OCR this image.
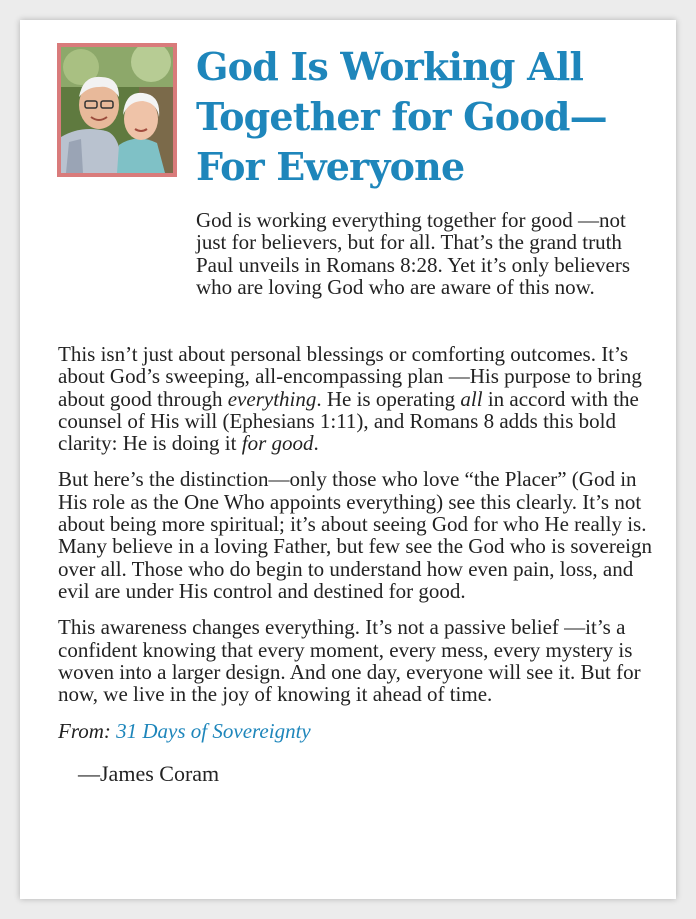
God Is Working All Together for Good—For Everyone

God is working everything together for good —not just for believers, but for all. That’s the grand truth Paul unveils in Romans 8:28. Yet it’s only believers who are loving God who are aware of this now.

This isn’t just about personal blessings or comforting outcomes. It’s about God’s sweeping, all-encompassing plan —His purpose to bring about good through everything. He is operating all in accord with the counsel of His will (Ephesians 1:11), and Romans 8 adds this bold clarity: He is doing it for good.

But here’s the distinction—only those who love “the Placer” (God in His role as the One Who appoints everything) see this clearly. It’s not about being more spiritual; it’s about seeing God for who He really is. Many believe in a loving Father, but few see the God who is sovereign over all. Those who do begin to understand how even pain, loss, and evil are under His control and destined for good.

This awareness changes everything. It’s not a passive belief —it’s a confident knowing that every moment, every mess, every mystery is woven into a larger design. And one day, everyone will see it. But for now, we live in the joy of knowing it ahead of time.

From: 31 Days of Sovereignty
—James Coram
